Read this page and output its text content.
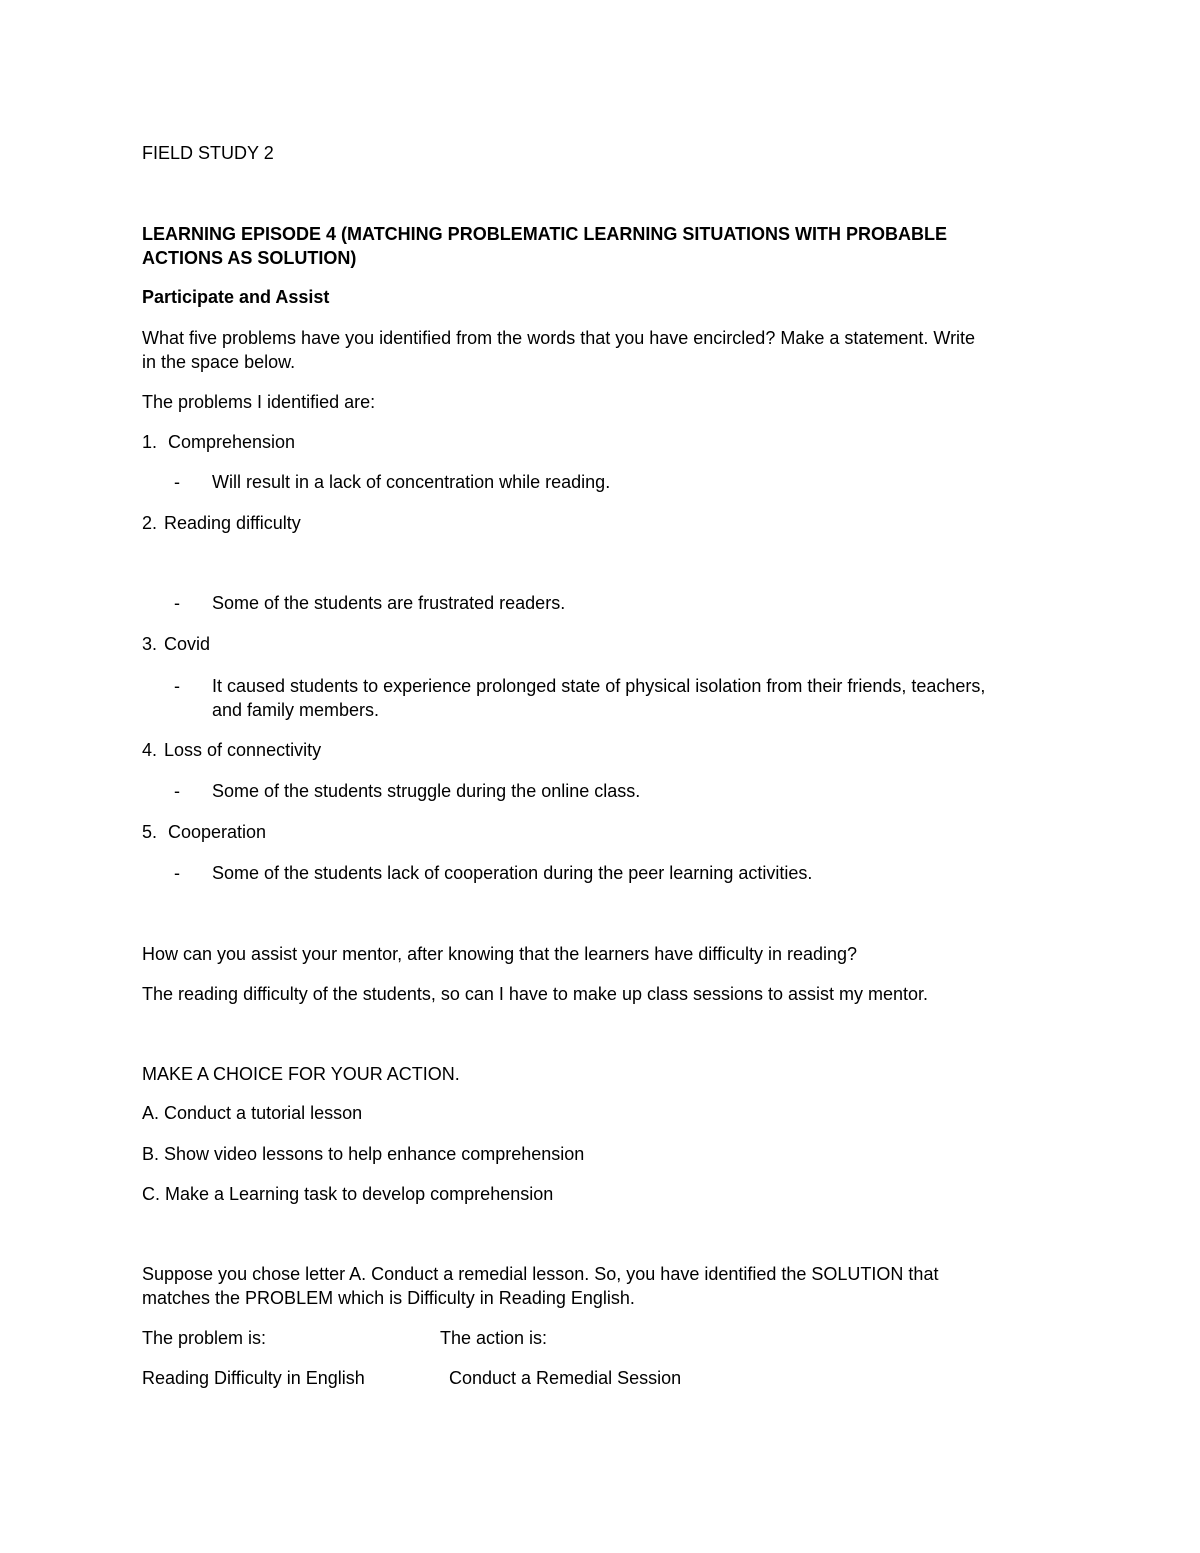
FIELD STUDY 2
LEARNING EPISODE 4 (MATCHING PROBLEMATIC LEARNING SITUATIONS WITH PROBABLE
ACTIONS AS SOLUTION)
Participate and Assist
What five problems have you identified from the words that you have encircled? Make a statement. Write
in the space below.
The problems I identified are:
1. Comprehension
- Will result in a lack of concentration while reading.
2. Reading difficulty
- Some of the students are frustrated readers.
3. Covid
- It caused students to experience prolonged state of physical isolation from their friends, teachers,
and family members.
4. Loss of connectivity
- Some of the students struggle during the online class.
5. Cooperation
- Some of the students lack of cooperation during the peer learning activities.
How can you assist your mentor, after knowing that the learners have difficulty in reading?
The reading difficulty of the students, so can I have to make up class sessions to assist my mentor.
MAKE A CHOICE FOR YOUR ACTION.
A. Conduct a tutorial lesson
B. Show video lessons to help enhance comprehension
C. Make a Learning task to develop comprehension
Suppose you chose letter A. Conduct a remedial lesson. So, you have identified the SOLUTION that
matches the PROBLEM which is Difficulty in Reading English.
The problem is:	The action is:
Reading Difficulty in English	Conduct a Remedial Session
